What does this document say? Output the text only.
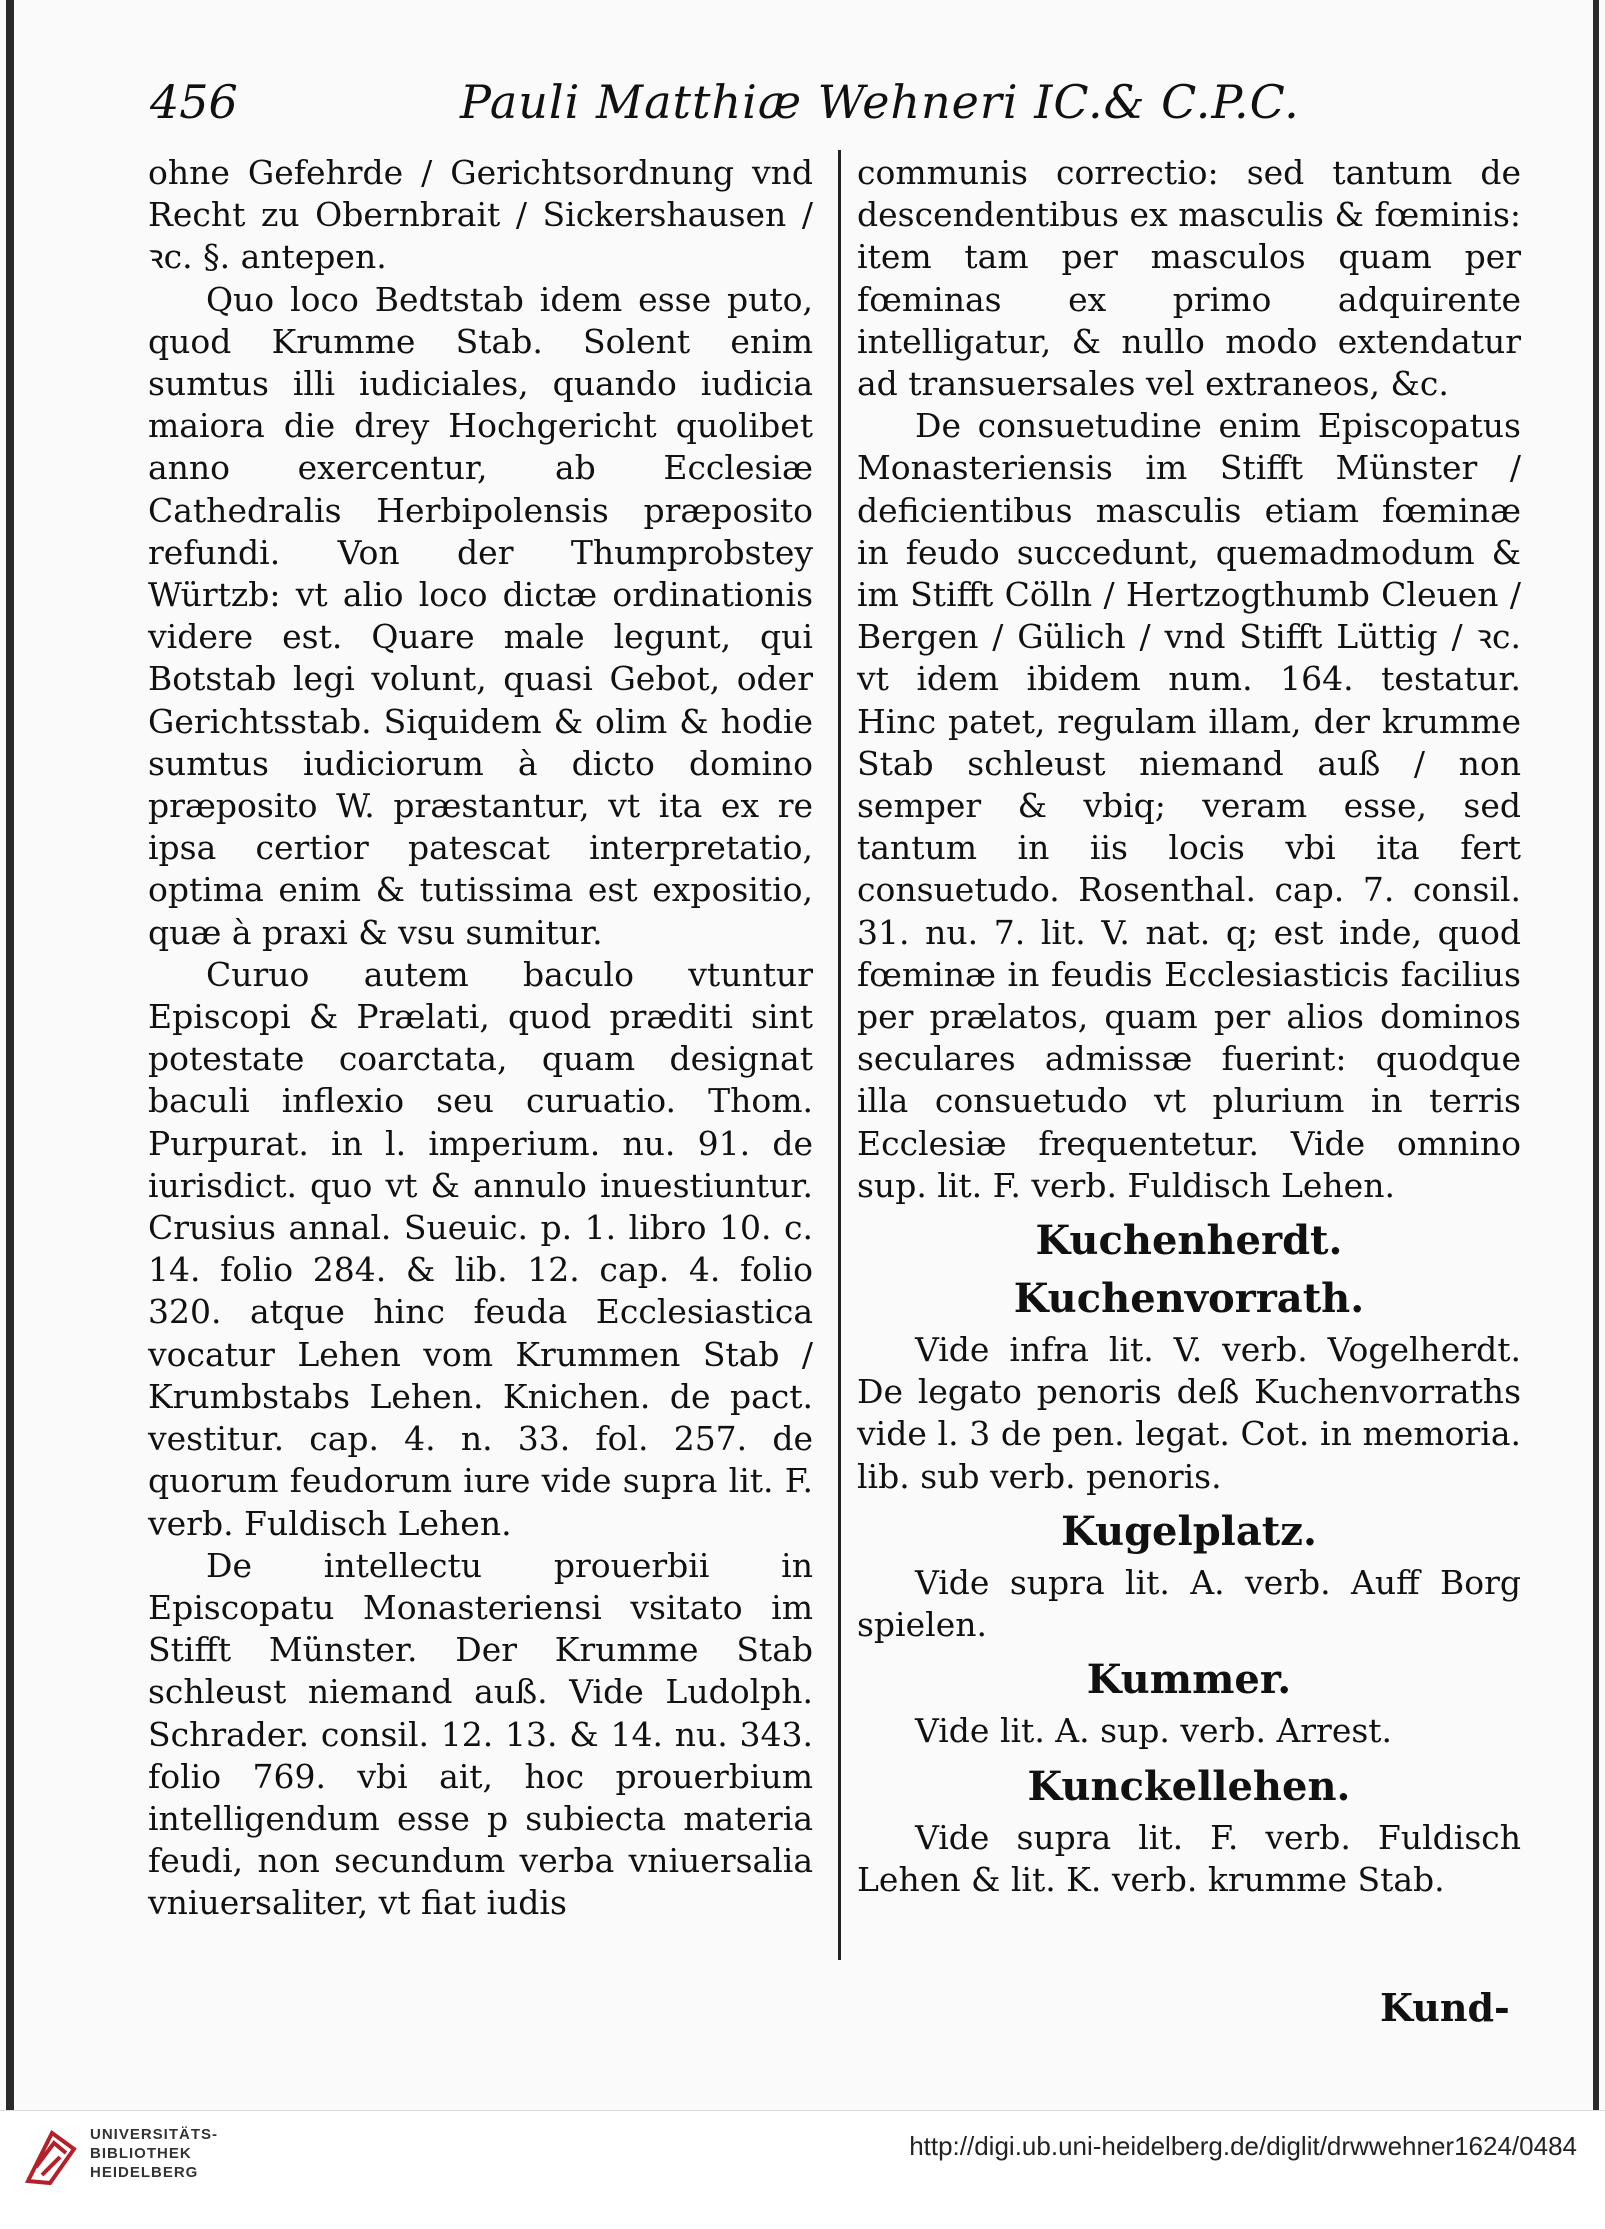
456	Pauli Matthiæ Wehneri IC.& C.P.C.

ohne Gefehrde / Gerichtsordnung vnd Recht zu Obernbrait / Sickershausen / ꝛc. §. antepen.

Quo loco Bedtstab idem esse puto, quod Krumme Stab. Solent enim sumtus illi iudiciales, quando iudicia maiora die drey Hochgericht quolibet anno exercentur, ab Ecclesiæ Cathedralis Herbipolensis præposito refundi. Von der Thumprobstey Würtzb: vt alio loco dictæ ordinationis videre est. Quare male legunt, qui Botstab legi volunt, quasi Gebot, oder Gerichtsstab. Siquidem & olim & hodie sumtus iudiciorum à dicto domino præposito W. præstantur, vt ita ex re ipsa certior patescat interpretatio, optima enim & tutissima est expositio, quæ à praxi & vsu sumitur.

Curuo autem baculo vtuntur Episcopi & Prælati, quod præditi sint potestate coarctata, quam designat baculi inflexio seu curuatio. Thom. Purpurat. in l. imperium. nu. 91. de iurisdict. quo vt & annulo inuestiuntur. Crusius annal. Sueuic. p. 1. libro 10. c. 14. folio 284. & lib. 12. cap. 4. folio 320. atque hinc feuda Ecclesiastica vocatur Lehen vom Krummen Stab / Krumbstabs Lehen. Knichen. de pact. vestitur. cap. 4. n. 33. fol. 257. de quorum feudorum iure vide supra lit. F. verb. Fuldisch Lehen.

De intellectu prouerbii in Episcopatu Monasteriensi vsitato im Stifft Münster. Der Krumme Stab schleust niemand auß. Vide Ludolph. Schrader. consil. 12. 13. & 14. nu. 343. folio 769. vbi ait, hoc prouerbium intelligendum esse p subiecta materia feudi, non secundum verba vniuersalia vniuersaliter, vt fiat iudis

communis correctio: sed tantum de descendentibus ex masculis & fœminis: item tam per masculos quam per fœminas ex primo adquirente intelligatur, & nullo modo extendatur ad transuersales vel extraneos, &c.

De consuetudine enim Episcopatus Monasteriensis im Stifft Münster / deficientibus masculis etiam fœminæ in feudo succedunt, quemadmodum & im Stifft Cölln / Hertzogthumb Cleuen / Bergen / Gülich / vnd Stifft Lüttig / ꝛc. vt idem ibidem num. 164. testatur. Hinc patet, regulam illam, der krumme Stab schleust niemand auß / non semper & vbiq; veram esse, sed tantum in iis locis vbi ita fert consuetudo. Rosenthal. cap. 7. consil. 31. nu. 7. lit. V. nat. q; est inde, quod fœminæ in feudis Ecclesiasticis facilius per prælatos, quam per alios dominos seculares admissæ fuerint: quodque illa consuetudo vt plurium in terris Ecclesiæ frequentetur. Vide omnino sup. lit. F. verb. Fuldisch Lehen.

Kuchenherdt.
Kuchenvorrath.

Vide infra lit. V. verb. Vogelherdt. De legato penoris deß Kuchenvorraths vide l. 3 de pen. legat. Cot. in memoria. lib. sub verb. penoris.

Kugelplatz.

Vide supra lit. A. verb. Auff Borg spielen.

Kummer.

Vide lit. A. sup. verb. Arrest.

Kunckellehen.

Vide supra lit. F. verb. Fuldisch Lehen & lit. K. verb. krumme Stab.

Kund-
UNIVERSITÄTS-
BIBLIOTHEK
HEIDELBERG
http://digi.ub.uni-heidelberg.de/diglit/drwwehner1624/0484
